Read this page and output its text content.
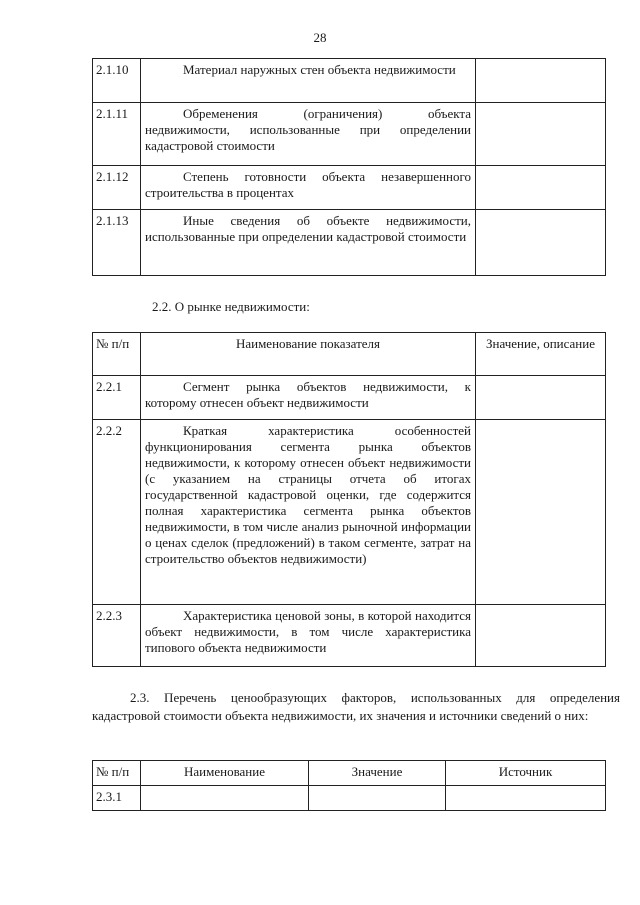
28
2.1.10	Материал наружных стен объекта недвижимости	
2.1.11	Обременения (ограничения) объекта недвижимости, использованные при определении кадастровой стоимости	
2.1.12	Степень готовности объекта незавершенного строительства в процентах	
2.1.13	Иные сведения об объекте недвижимости, использованные при определении кадастровой стоимости	
2.2. О рынке недвижимости:
№ п/п	Наименование показателя	Значение, описание
2.2.1	Сегмент рынка объектов недвижимости, к которому отнесен объект недвижимости	
2.2.2	Краткая характеристика особенностей функционирования сегмента рынка объектов недвижимости, к которому отнесен объект недвижимости (с указанием на страницы отчета об итогах государственной кадастровой оценки, где содержится полная характеристика сегмента рынка объектов недвижимости, в том числе анализ рыночной информации о ценах сделок (предложений) в таком сегменте, затрат на строительство объектов недвижимости)	
2.2.3	Характеристика ценовой зоны, в которой находится объект недвижимости, в том числе характеристика типового объекта недвижимости	
2.3. Перечень ценообразующих факторов, использованных для определения кадастровой стоимости объекта недвижимости, их значения и источники сведений о них:
№ п/п	Наименование	Значение	Источник
2.3.1			
